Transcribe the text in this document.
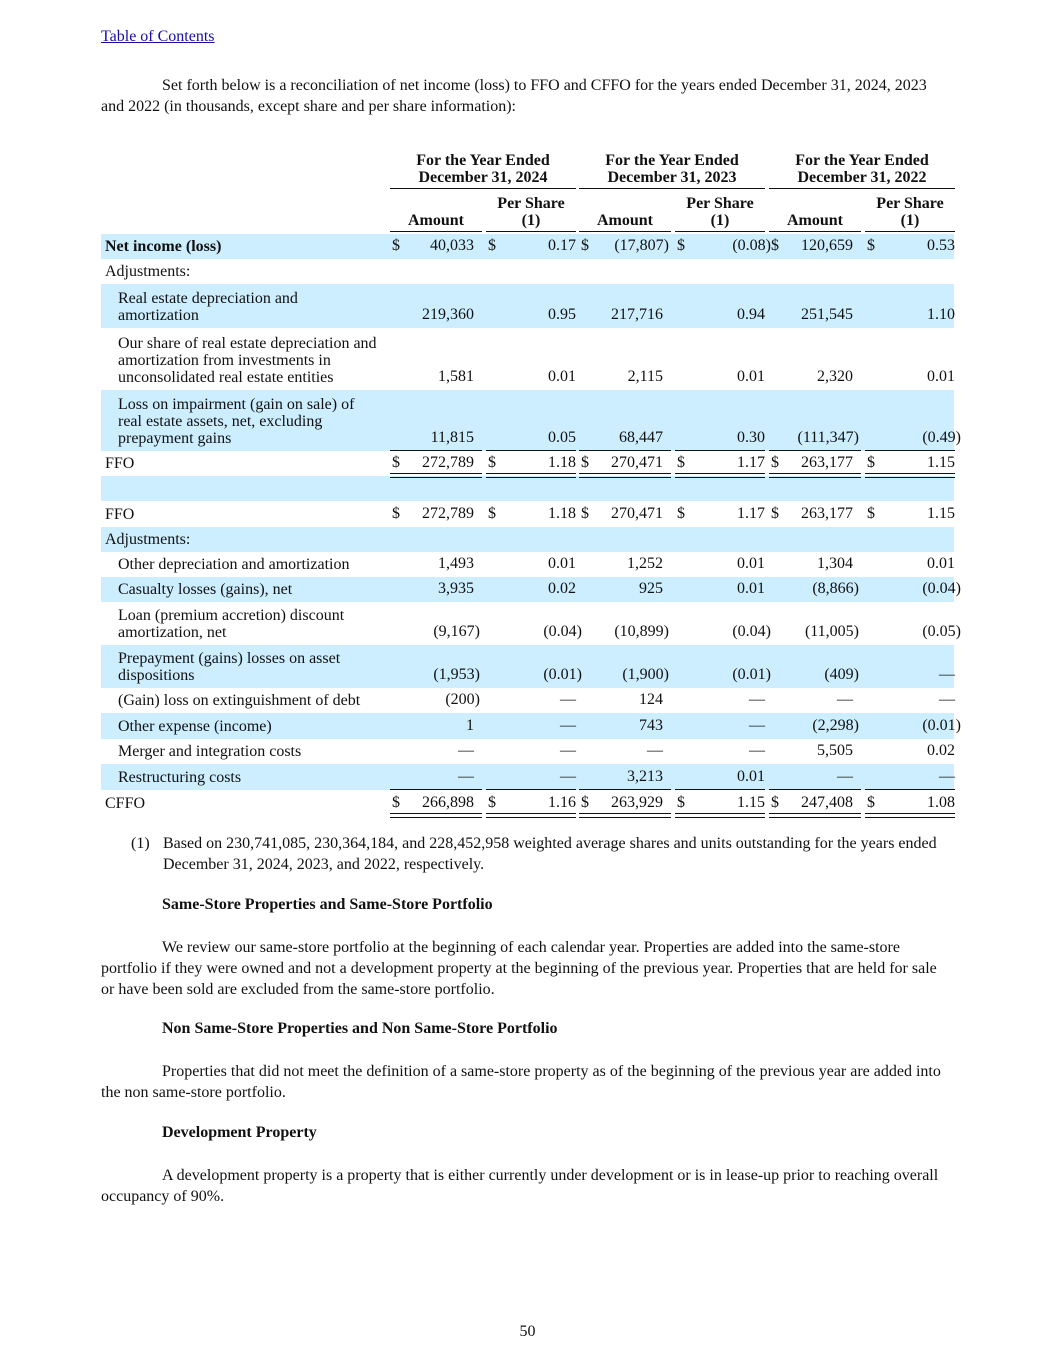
Table of Contents
Set forth below is a reconciliation of net income (loss) to FFO and CFFO for the years ended December 31, 2024, 2023 and 2022 (in thousands, except share and per share information):
For the Year Ended December 31, 2024
Amount
Per Share (1)
For the Year Ended December 31, 2023
Amount
Per Share (1)
For the Year Ended December 31, 2022
Amount
Per Share (1)
Net income (loss)	$ 40,033 $	0.17 $ (17,807) $	(0.08) $ 120,659 $	0.53
Adjustments:
Real estate depreciation and amortization	219,360	0.95 217,716	0.94 251,545	1.10
Our share of real estate depreciation and amortization from investments in unconsolidated real estate entities	1,581	0.01	2,115	0.01	2,320	0.01
Loss on impairment (gain on sale) of real estate assets, net, excluding prepayment gains	11,815	0.05	68,447	0.30 (111,347)	(0.49)
FFO	$ 272,789 $	1.18 $ 270,471 $	1.17 $ 263,177 $	1.15
FFO	$ 272,789 $	1.18 $ 270,471 $	1.17 $ 263,177 $	1.15
Adjustments:
Other depreciation and amortization	1,493	0.01	1,252	0.01	1,304	0.01
Casualty losses (gains), net	3,935	0.02	925	0.01	(8,866)	(0.04)
Loan (premium accretion) discount amortization, net	(9,167)	(0.04) (10,899)	(0.04) (11,005)	(0.05)
Prepayment (gains) losses on asset dispositions	(1,953)	(0.01)	(1,900)	(0.01)	(409)	—
(Gain) loss on extinguishment of debt	(200)	—	124	—	—	—
Other expense (income)	1	—	743	—	(2,298)	(0.01)
Merger and integration costs	—	—	—	—	5,505	0.02
Restructuring costs	—	—	3,213	0.01	—	—
CFFO	$ 266,898 $	1.16 $ 263,929 $	1.15 $ 247,408 $	1.08
(1) Based on 230,741,085, 230,364,184, and 228,452,958 weighted average shares and units outstanding for the years ended December 31, 2024, 2023, and 2022, respectively.
Same-Store Properties and Same-Store Portfolio
We review our same-store portfolio at the beginning of each calendar year. Properties are added into the same-store portfolio if they were owned and not a development property at the beginning of the previous year. Properties that are held for sale or have been sold are excluded from the same-store portfolio.
Non Same-Store Properties and Non Same-Store Portfolio
Properties that did not meet the definition of a same-store property as of the beginning of the previous year are added into the non same-store portfolio.
Development Property
A development property is a property that is either currently under development or is in lease-up prior to reaching overall occupancy of 90%.
50
